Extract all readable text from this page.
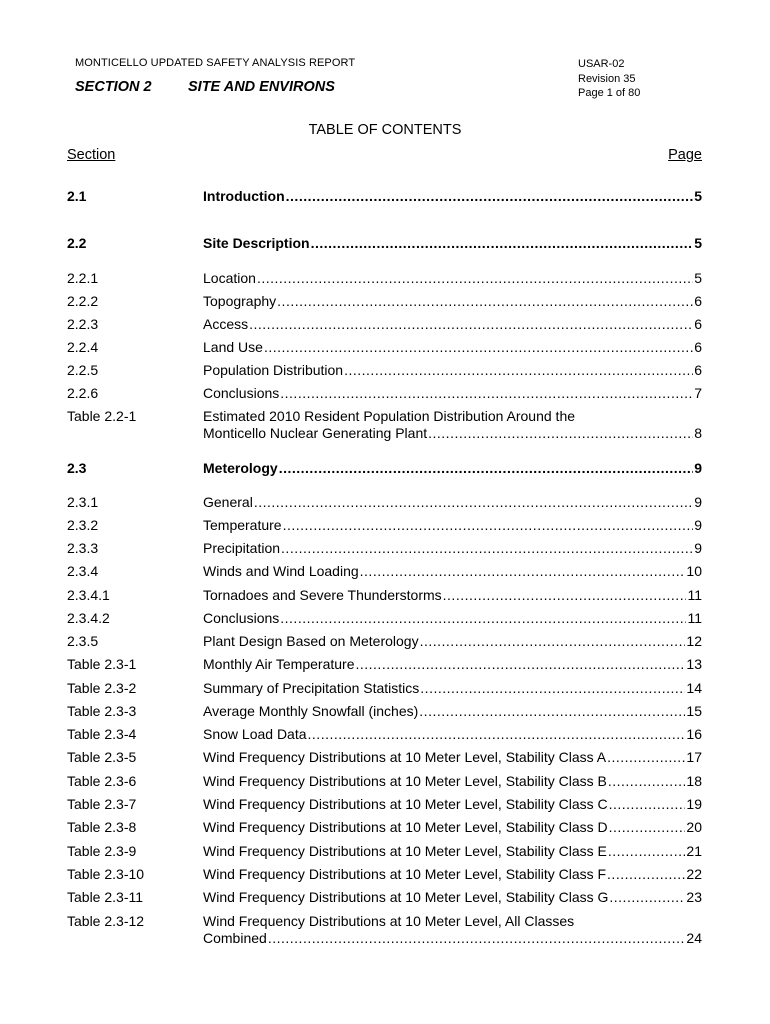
MONTICELLO UPDATED SAFETY ANALYSIS REPORT
SECTION 2	SITE AND ENVIRONS
USAR-02
Revision 35
Page 1 of 80
TABLE OF CONTENTS
Section	Page
2.1	Introduction .....	5
2.2	Site Description .....	5
2.2.1	Location .....	5
2.2.2	Topography .....	6
2.2.3	Access .....	6
2.2.4	Land Use .....	6
2.2.5	Population Distribution .....	6
2.2.6	Conclusions .....	7
Table 2.2-1	Estimated 2010 Resident Population Distribution Around the
Monticello Nuclear Generating Plant .....	8
2.3	Meterology .....	9
2.3.1	General .....	9
2.3.2	Temperature .....	9
2.3.3	Precipitation .....	9
2.3.4	Winds and Wind Loading .....	10
2.3.4.1	Tornadoes and Severe Thunderstorms .....	11
2.3.4.2	Conclusions .....	11
2.3.5	Plant Design Based on Meterology .....	12
Table 2.3-1	Monthly Air Temperature .....	13
Table 2.3-2	Summary of Precipitation Statistics .....	14
Table 2.3-3	Average Monthly Snowfall (inches) .....	15
Table 2.3-4	Snow Load Data .....	16
Table 2.3-5	Wind Frequency Distributions at 10 Meter Level, Stability Class A .....	17
Table 2.3-6	Wind Frequency Distributions at 10 Meter Level, Stability Class B .....	18
Table 2.3-7	Wind Frequency Distributions at 10 Meter Level, Stability Class C .....	19
Table 2.3-8	Wind Frequency Distributions at 10 Meter Level, Stability Class D .....	20
Table 2.3-9	Wind Frequency Distributions at 10 Meter Level, Stability Class E .....	21
Table 2.3-10	Wind Frequency Distributions at 10 Meter Level, Stability Class F .....	22
Table 2.3-11	Wind Frequency Distributions at 10 Meter Level, Stability Class G .....	23
Table 2.3-12	Wind Frequency Distributions at 10 Meter Level, All Classes
Combined .....	24
